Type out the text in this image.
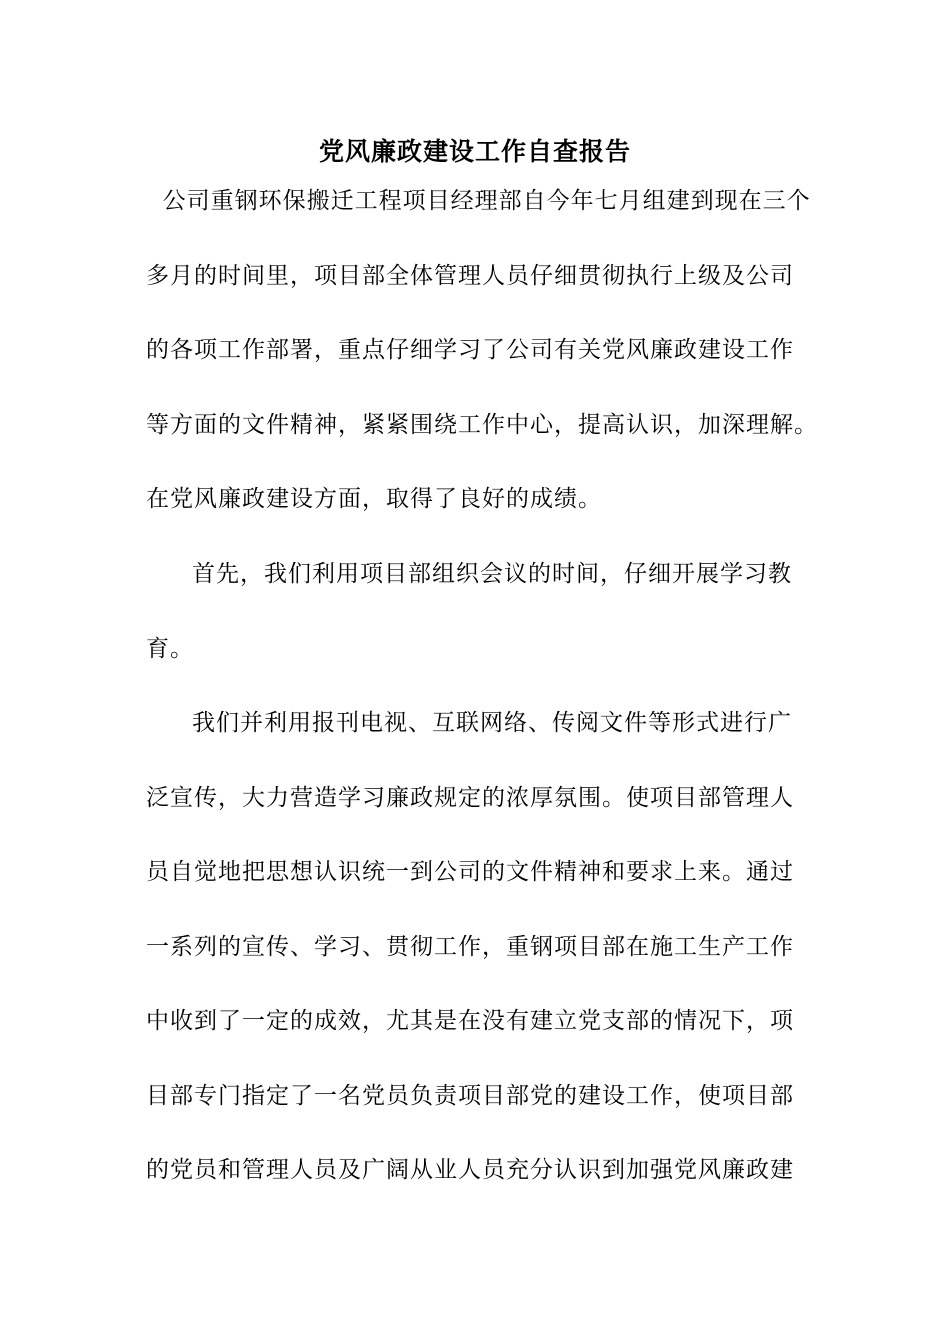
党风廉政建设工作自查报告

公司重钢环保搬迁工程项目经理部自今年七月组建到现在三个

多月的时间里，项目部全体管理人员仔细贯彻执行上级及公司

的各项工作部署，重点仔细学习了公司有关党风廉政建设工作

等方面的文件精神，紧紧围绕工作中心，提高认识，加深理解。

在党风廉政建设方面，取得了良好的成绩。

首先，我们利用项目部组织会议的时间，仔细开展学习教

育。

我们并利用报刊电视、互联网络、传阅文件等形式进行广

泛宣传，大力营造学习廉政规定的浓厚氛围。使项目部管理人

员自觉地把思想认识统一到公司的文件精神和要求上来。通过

一系列的宣传、学习、贯彻工作，重钢项目部在施工生产工作

中收到了一定的成效，尤其是在没有建立党支部的情况下，项

目部专门指定了一名党员负责项目部党的建设工作，使项目部

的党员和管理人员及广阔从业人员充分认识到加强党风廉政建
